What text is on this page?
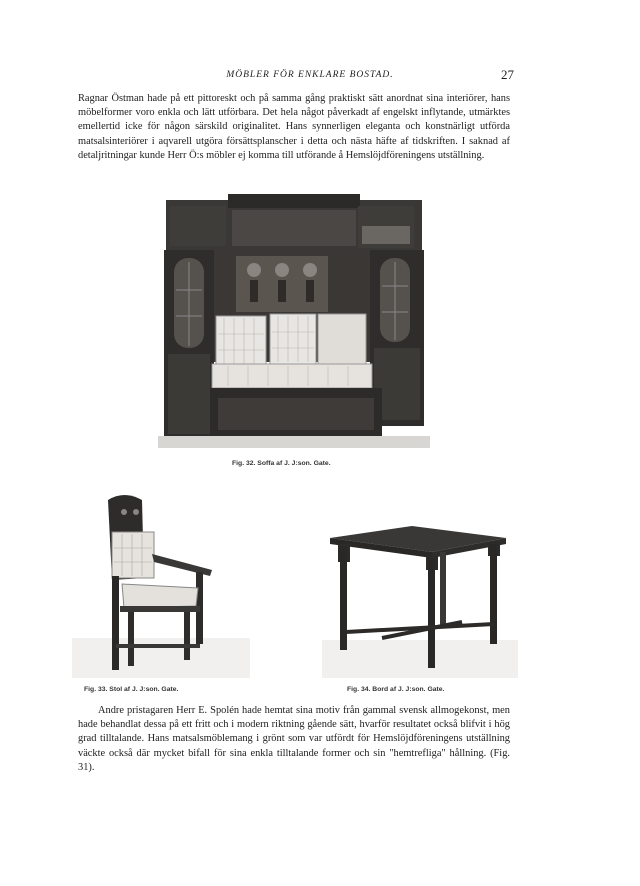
MÖBLER FÖR ENKLARE BOSTAD.	27

Ragnar Östman hade på ett pittoreskt och på samma gång praktiskt sätt anordnat sina interiörer, hans möbelformer voro enkla och lätt utförbara. Det hela något påverkadt af engelskt inflytande, utmärktes emellertid icke för någon särskild originalitet. Hans synnerligen eleganta och konstnärligt utförda matsalsinteriörer i aqvarell utgöra försättsplanscher i detta och nästa häfte af tidskriften. I saknad af detaljritningar kunde Herr Ö:s möbler ej komma till utförande å Hemslöjdföreningens utställning.

Fig. 32. Soffa af J. J:son. Gate.
Fig. 33. Stol af J. J:son. Gate.	Fig. 34. Bord af J. J:son. Gate.

Andre pristagaren Herr E. Spolén hade hemtat sina motiv från gammal svensk allmogekonst, men hade behandlat dessa på ett fritt och i modern riktning gående sätt, hvarför resultatet också blifvit i hög grad tilltalande. Hans matsalsmöblemang i grönt som var utfördt för Hemslöjdföreningens utställning väckte också där mycket bifall för sina enkla tilltalande former och sin "hemtrefliga" hållning. (Fig. 31).
